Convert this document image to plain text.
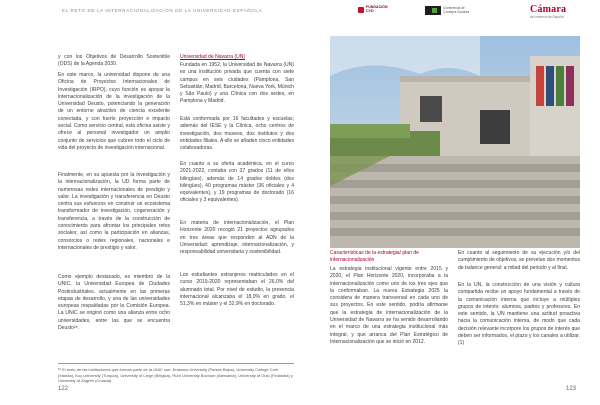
EL RETO DE LA INTERNACIONALIZACIÓN DE LA UNIVERSIDAD ESPAÑOLA
FUNDACIÓN
CYD
Conferencia de Consejos Sociales	Cámara
de comercio de España
y con los Objetivos de Desarrollo Sostenible (ODS) de la Agenda 2030.
En este marco, la universidad dispone de una Oficina de Proyectos Internacionales de Investigación (IRPO), cuyo función es apoyar la internacionalización de la investigación de la Universidad Deusto, potenciando la generación de un entorno atractivo de ciencia excelente conectada, y con fuerte proyección e impacto social. Como servicio central, esta oficina asiste y ofrece al personal investigador un amplio conjunto de servicios que cubren todo el ciclo de vida del proyecto de investigación internacional.
Finalmente, en su apuesta por la investigación y la internacionalización, la UD forma parte de numerosas redes internacionales de prestigio y valor. La investigación y transferencia en Deusto centra sus esfuerzos en construir un ecosistema transformador de investigación, cogeneración y transferencia, a través de la construcción de conocimiento para afrontar los principales retos sociales; así como la participación en alianzas, consorcios o redes regionales, nacionales e internacionales de prestigio y valor.
Como ejemplo destacado, es miembro de la UNIC, la Universidad Europea de Ciudades Postindustriales, actualmente en las primeras etapas de desarrollo, y una de las universidades europeas respaldadas por la Comisión Europea. La UNIC se originó como una alianza entre ocho universidades, entre las que se encuentra Deusto²⁵.
Universidad de Navarra (UN)
Fundada en 1952, la Universidad de Navarra (UN) es una institución privada que cuenta con siete campus en seis ciudades (Pamplona, San Sebastián, Madrid, Barcelona, Nueva York, Múnich y São Paulo) y una Clínica con dos sedes, en Pamplona y Madrid.
Está conformada por 16 facultades y escuelas; además del IESE y la Clínica, ocho centros de investigación, dos museos, dos institutos y dos entidades filiales. A ello se añaden cinco entidades colaboradoras.
En cuanto a su oferta académica, en el curso 2021-2022, contaba con 37 grados (11 de ellos bilingües), además de 14 grados dobles (dos bilingües), 40 programas máster (36 oficiales y 4 equivalentes), y 19 programas de doctorado (16 oficiales y 3 equivalentes).
En materia de internacionalización, el Plan Horizonte 2020 recogió 21 proyectos agrupados en tres áreas que responden al ADN de la Universidad: aprendizaje, internacionalización, y responsabilidad universitaria y sostenibilidad.
Los estudiantes extranjeros matriculados en el curso 2019-2020 representaban el 26,0% del alumnado total. Por nivel de estudio, la presencia internacional alcanzaba el 18,0% en grado, el 51,3% en máster y el 32,9% en doctorado.
²⁵ El resto de las instituciones que forman parte de la UNIC son: Erasmus University (Países Bajos), University College Cork (Irlanda), Koç University (Turquía), University of Liege (Bélgica), Ruhr University Bochum (Alemania), University of Oulu (Finlandia) y University of Zagreb (Croacia).
122
Características de la estrategia/ plan de internacionalización
La estrategia institucional vigente entre 2015 y 2020, el Plan Horizonte 2020, incorporaba a la internacionalización como uno de los tres ejes que la conformaban. La nueva Estrategia 2025 la considera de manera transversal en cada uno de sus proyectos. En este sentido, podría afirmarse que la estrategia de internacionalización de la Universidad de Navarra se ha venido desarrollando en el marco de una estrategia institucional más integral, y que arranca del Plan Estratégico de Internacionalización que se inició en 2012.
En cuanto al seguimiento de su ejecución y/o del cumplimiento de objetivos, se preveían dos momentos de balance general: a mitad del periodo y al final.
En la UN, la construcción de una visión y cultura compartida recibe un apoyo fundamental a través de la comunicación interna que incluye a múltiples grupos de interés: alumnos, padres y profesores. En este sentido, la UN mantiene una actitud proactiva hacia la comunicación interna, de modo que cada decisión relevante incorpore los grupos de interés que deben ser informados, el plazo y los canales a utilizar. (1)
123
